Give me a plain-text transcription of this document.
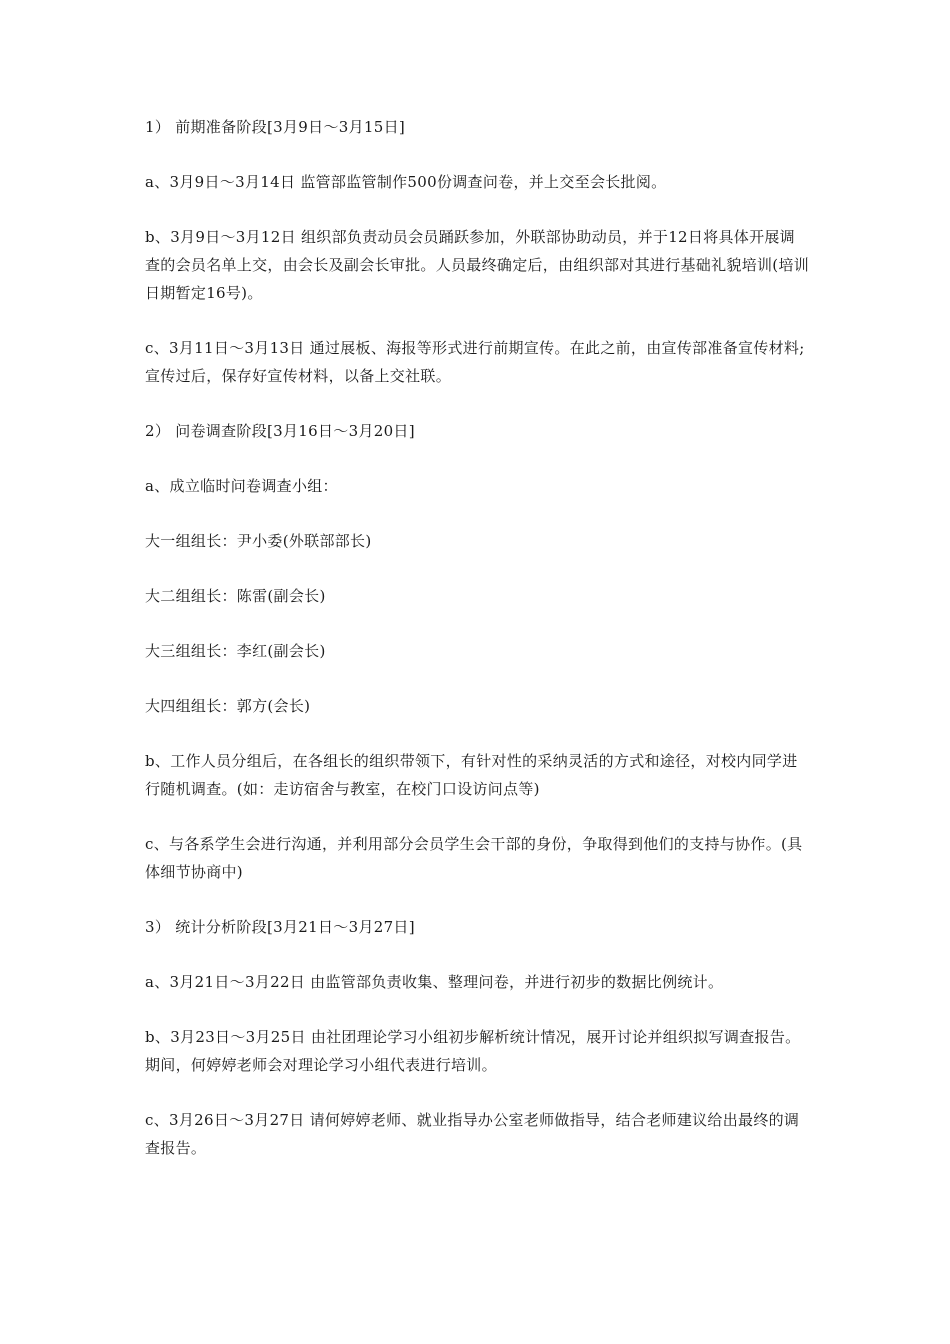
1） 前期准备阶段[3月9日～3月15日]

a、3月9日～3月14日 监管部监管制作500份调查问卷，并上交至会长批阅。

b、3月9日～3月12日 组织部负责动员会员踊跃参加，外联部协助动员，并于12日将具体开展调查的会员名单上交，由会长及副会长审批。人员最终确定后，由组织部对其进行基础礼貌培训(培训日期暂定16号)。

c、3月11日～3月13日 通过展板、海报等形式进行前期宣传。在此之前，由宣传部准备宣传材料;宣传过后，保存好宣传材料，以备上交社联。

2） 问卷调查阶段[3月16日～3月20日]

a、成立临时问卷调查小组：

大一组组长：尹小委(外联部部长)

大二组组长：陈雷(副会长)

大三组组长：李红(副会长)

大四组组长：郭方(会长)

b、工作人员分组后，在各组长的组织带领下，有针对性的采纳灵活的方式和途径，对校内同学进行随机调查。(如：走访宿舍与教室，在校门口设访问点等)

c、与各系学生会进行沟通，并利用部分会员学生会干部的身份，争取得到他们的支持与协作。(具体细节协商中)

3） 统计分析阶段[3月21日～3月27日]

a、3月21日～3月22日 由监管部负责收集、整理问卷，并进行初步的数据比例统计。

b、3月23日～3月25日 由社团理论学习小组初步解析统计情况，展开讨论并组织拟写调查报告。期间，何婷婷老师会对理论学习小组代表进行培训。

c、3月26日～3月27日 请何婷婷老师、就业指导办公室老师做指导，结合老师建议给出最终的调查报告。
